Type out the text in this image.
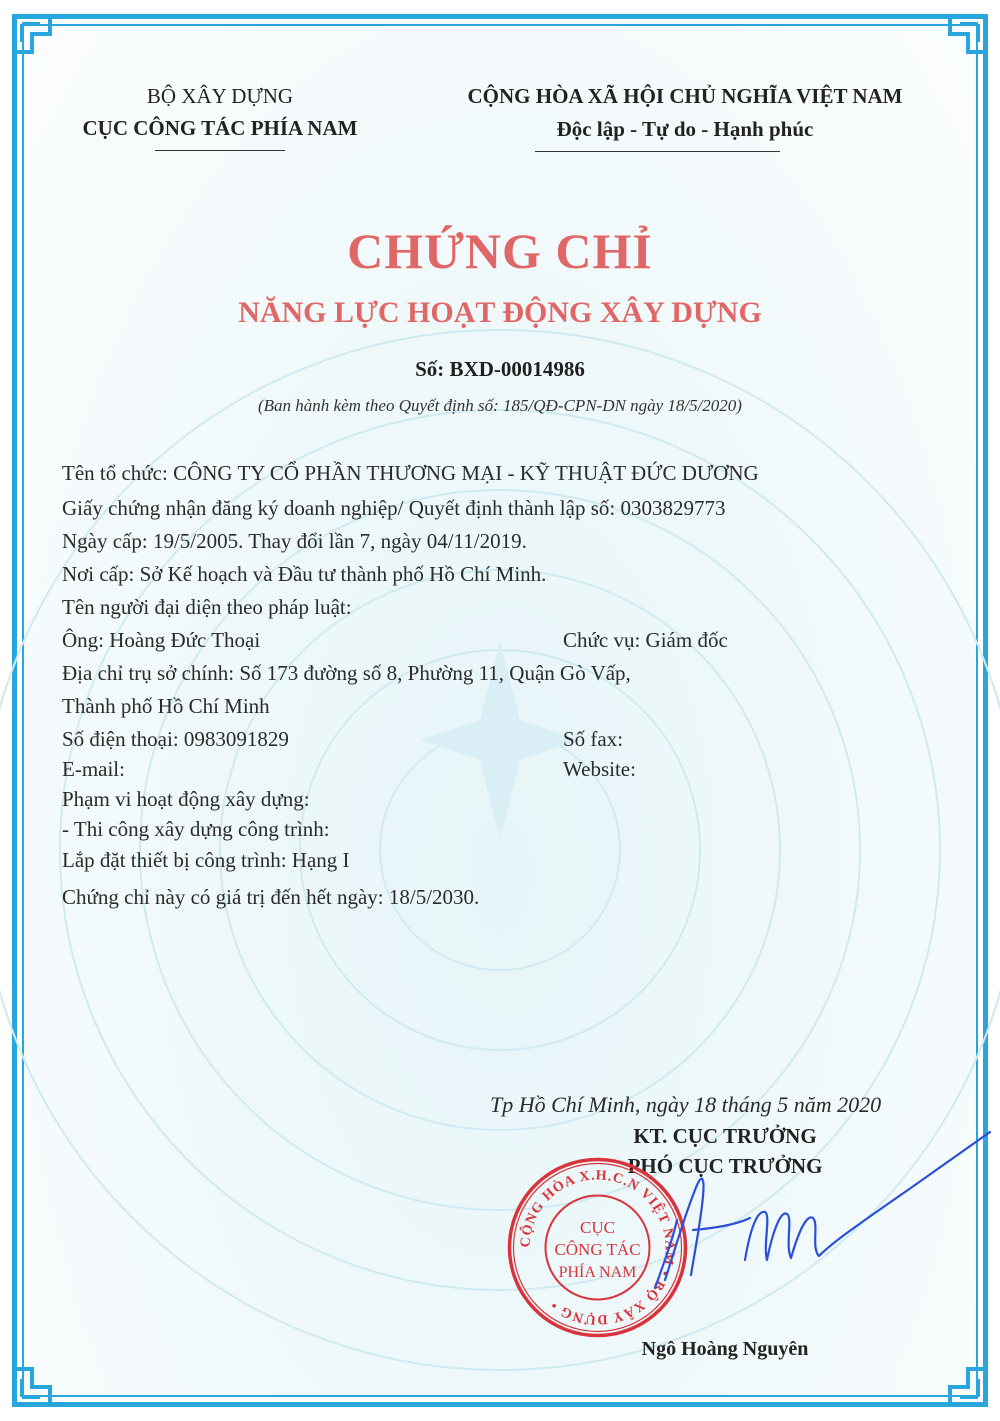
BỘ XÂY DỰNG
CỤC CÔNG TÁC PHÍA NAM
CỘNG HÒA XÃ HỘI CHỦ NGHĨA VIỆT NAM
Độc lập - Tự do - Hạnh phúc
CHỨNG CHỈ
NĂNG LỰC HOẠT ĐỘNG XÂY DỰNG
Số: BXD-00014986
(Ban hành kèm theo Quyết định số: 185/QĐ-CPN-DN ngày 18/5/2020)
Tên tổ chức: CÔNG TY CỔ PHẦN THƯƠNG MẠI - KỸ THUẬT ĐỨC DƯƠNG
Giấy chứng nhận đăng ký doanh nghiệp/ Quyết định thành lập số: 0303829773
Ngày cấp: 19/5/2005. Thay đổi lần 7, ngày 04/11/2019.
Nơi cấp: Sở Kế hoạch và Đầu tư thành phố Hồ Chí Minh.
Tên người đại diện theo pháp luật:
Ông: Hoàng Đức Thoại	Chức vụ: Giám đốc
Địa chỉ trụ sở chính: Số 173 đường số 8, Phường 11, Quận Gò Vấp,
Thành phố Hồ Chí Minh
Số điện thoại: 0983091829	Số fax:
E-mail:	Website:
Phạm vi hoạt động xây dựng:
- Thi công xây dựng công trình:
Lắp đặt thiết bị công trình: Hạng I
Chứng chỉ này có giá trị đến hết ngày: 18/5/2030.
Tp Hồ Chí Minh, ngày 18 tháng 5 năm 2020
KT. CỤC TRƯỞNG
PHÓ CỤC TRƯỞNG
CỘNG HÒA X.H.C.N VIỆT NAM • BỘ XÂY DỰNG •
CỤC
CÔNG TÁC
PHÍA NAM
Ngô Hoàng Nguyên
